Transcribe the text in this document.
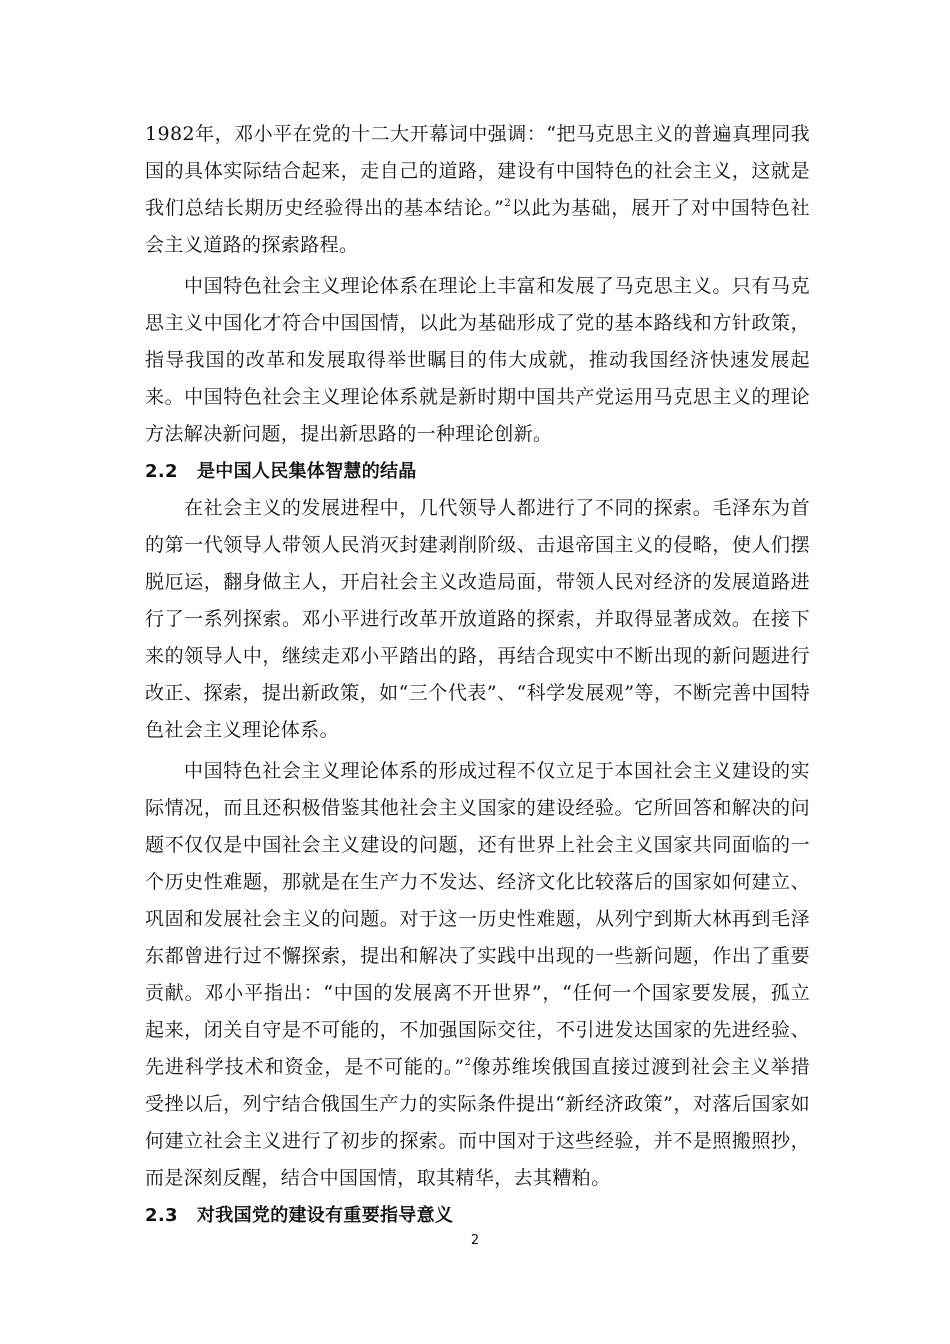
1982年，邓小平在党的十二大开幕词中强调：“把马克思主义的普遍真理同我国的具体实际结合起来，走自己的道路，建设有中国特色的社会主义，这就是我们总结长期历史经验得出的基本结论。”$^2$以此为基础，展开了对中国特色社会主义道路的探索路程。

中国特色社会主义理论体系在理论上丰富和发展了马克思主义。只有马克思主义中国化才符合中国国情，以此为基础形成了党的基本路线和方针政策，指导我国的改革和发展取得举世瞩目的伟大成就，推动我国经济快速发展起来。中国特色社会主义理论体系就是新时期中国共产党运用马克思主义的理论方法解决新问题，提出新思路的一种理论创新。

2.2 是中国人民集体智慧的结晶

在社会主义的发展进程中，几代领导人都进行了不同的探索。毛泽东为首的第一代领导人带领人民消灭封建剥削阶级、击退帝国主义的侵略，使人们摆脱厄运，翻身做主人，开启社会主义改造局面，带领人民对经济的发展道路进行了一系列探索。邓小平进行改革开放道路的探索，并取得显著成效。在接下来的领导人中，继续走邓小平踏出的路，再结合现实中不断出现的新问题进行改正、探索，提出新政策，如“三个代表”、“科学发展观”等，不断完善中国特色社会主义理论体系。

中国特色社会主义理论体系的形成过程不仅立足于本国社会主义建设的实际情况，而且还积极借鉴其他社会主义国家的建设经验。它所回答和解决的问题不仅仅是中国社会主义建设的问题，还有世界上社会主义国家共同面临的一个历史性难题，那就是在生产力不发达、经济文化比较落后的国家如何建立、巩固和发展社会主义的问题。对于这一历史性难题，从列宁到斯大林再到毛泽东都曾进行过不懈探索，提出和解决了实践中出现的一些新问题，作出了重要贡献。邓小平指出：“中国的发展离不开世界”，“任何一个国家要发展，孤立起来，闭关自守是不可能的，不加强国际交往，不引进发达国家的先进经验、先进科学技术和资金，是不可能的。”$^2$像苏维埃俄国直接过渡到社会主义举措受挫以后，列宁结合俄国生产力的实际条件提出“新经济政策”，对落后国家如何建立社会主义进行了初步的探索。而中国对于这些经验，并不是照搬照抄，而是深刻反醒，结合中国国情，取其精华，去其糟粕。

2.3 对我国党的建设有重要指导意义
2
